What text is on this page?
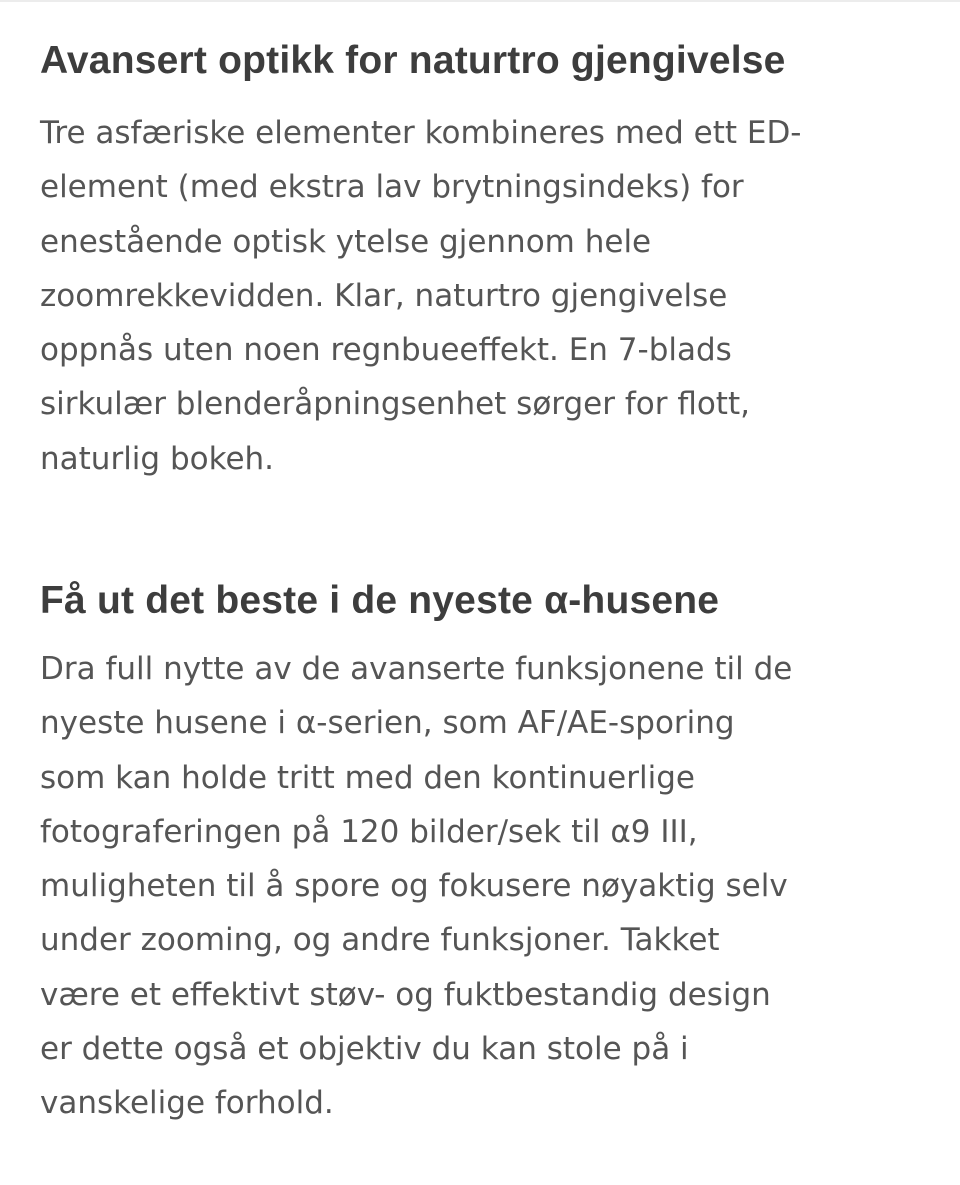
Avansert optikk for naturtro gjengivelse

Tre asfæriske elementer kombineres med ett ED-
element (med ekstra lav brytningsindeks) for
enestående optisk ytelse gjennom hele
zoomrekkevidden. Klar, naturtro gjengivelse
oppnås uten noen regnbueeffekt. En 7-blads
sirkulær blenderåpningsenhet sørger for flott,
naturlig bokeh.

Få ut det beste i de nyeste α-husene

Dra full nytte av de avanserte funksjonene til de
nyeste husene i α-serien, som AF/AE-sporing
som kan holde tritt med den kontinuerlige
fotograferingen på 120 bilder/sek til α9 III,
muligheten til å spore og fokusere nøyaktig selv
under zooming, og andre funksjoner. Takket
være et effektivt støv- og fuktbestandig design
er dette også et objektiv du kan stole på i
vanskelige forhold.
